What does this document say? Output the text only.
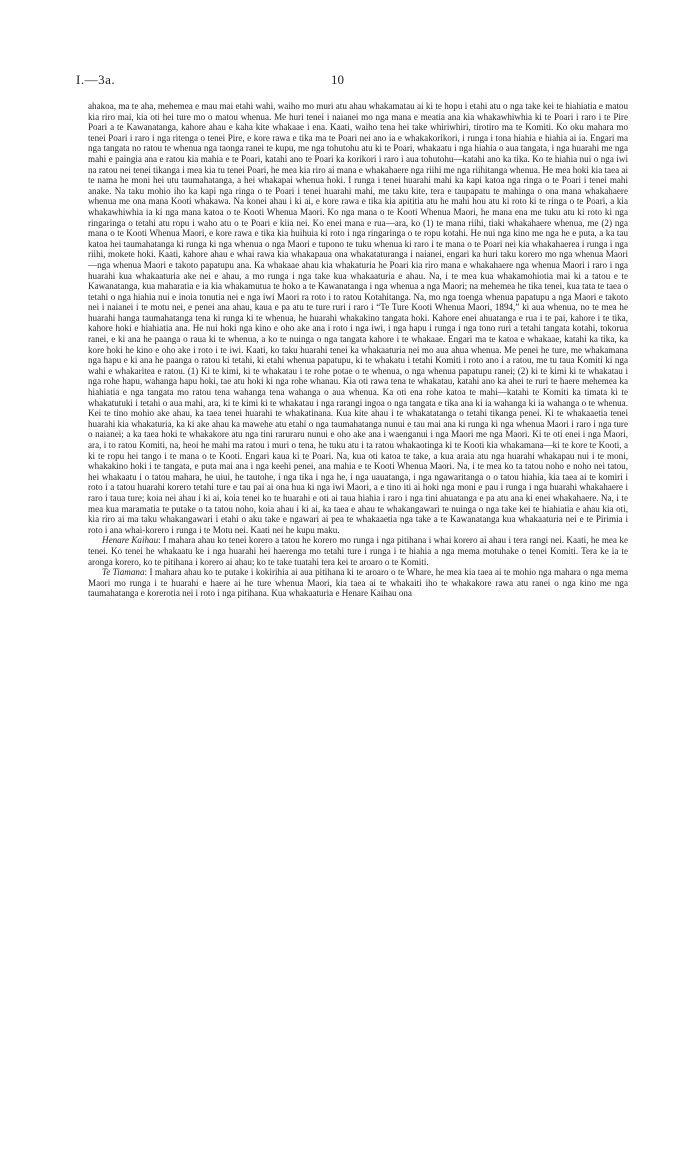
I.—3a.	10

ahakoa, ma te aha, mehemea e mau mai etahi wahi, waiho mo muri atu ahau whakamatau ai ki te hopu i etahi atu o nga take kei te hiahiatia e matou kia riro mai, kia oti hei ture mo o matou whenua. Me huri tenei i naianei mo nga mana e meatia ana kia whakawhiwhia ki te Poari i raro i te Pire Poari a te Kawanatanga, kahore ahau e kaha kite whakaae i ena. Kaati, waiho tena hei take whiriwhiri, tirotiro ma te Komiti. Ko oku mahara mo tenei Poari i raro i nga ritenga o tenei Pire, e kore rawa e tika ma te Poari nei ano ia e whakakorikori, i runga i tona hiahia e hiahia ai ia. Engari ma nga tangata no ratou te whenua nga taonga ranei te kupu, me nga tohutohu atu ki te Poari, whakaatu i nga hiahia o aua tangata, i nga huarahi me nga mahi e paingia ana e ratou kia mahia e te Poari, katahi ano te Poari ka korikori i raro i aua tohutohu—katahi ano ka tika. Ko te hiahia nui o nga iwi na ratou nei tenei tikanga i mea kia tu tenei Poari, he mea kia riro ai mana e whakahaere nga riihi me nga riihitanga whenua. He mea hoki kia taea ai te nama he moni hei utu taumahatanga, a hei whakapai whenua hoki. I runga i tenei huarahi mahi ka kapi katoa nga ringa o te Poari i tenei mahi anake. Na taku mohio iho ka kapi nga ringa o te Poari i tenei huarahi mahi, me taku kite, tera e taupapatu te mahinga o ona mana whakahaere whenua me ona mana Kooti whakawa. Na konei ahau i ki ai, e kore rawa e tika kia apititia atu he mahi hou atu ki roto ki te ringa o te Poari, a kia whakawhiwhia ia ki nga mana katoa o te Kooti Whenua Maori. Ko nga mana o te Kooti Whenua Maori, he mana ena me tuku atu ki roto ki nga ringaringa o tetahi atu ropu i waho atu o te Poari e kiia nei. Ko enei mana e rua—ara, ko (1) te mana riihi, tiaki whakahaere whenua, me (2) nga mana o te Kooti Whenua Maori, e kore rawa e tika kia huihuia ki roto i nga ringaringa o te ropu kotahi. He nui nga kino me nga he e puta, a ka tau katoa hei taumahatanga ki runga ki nga whenua o nga Maori e tupono te tuku whenua ki raro i te mana o te Poari nei kia whakahaerea i runga i nga riihi, mokete hoki. Kaati, kahore ahau e whai rawa kia whakapaua ona whakataturanga i naianei, engari ka huri taku korero mo nga whenua Maori—nga whenua Maori e takoto papatupu ana. Ka whakaae ahau kia whakaturia he Poari kia riro mana e whakahaere nga whenua Maori i raro i nga huarahi kua whakaaturia ake nei e ahau, a mo runga i nga take kua whakaaturia e ahau. Na, i te mea kua whakamohiotia mai ki a tatou e te Kawanatanga, kua maharatia e ia kia whakamutua te hoko a te Kawanatanga i nga whenua a nga Maori; na mehemea he tika tenei, kua tata te taea o tetahi o nga hiahia nui e inoia tonutia nei e nga iwi Maori ra roto i to ratou Kotahitanga. Na, mo nga toenga whenua papatupu a nga Maori e takoto nei i naianei i te motu nei, e penei ana ahau, kaua e pa atu te ture ruri i raro i “Te Ture Kooti Whenua Maori, 1894,” ki aua whenua, no te mea he huarahi hanga taumahatanga tena ki runga ki te whenua, he huarahi whakakino tangata hoki. Kahore enei ahuatanga e rua i te pai, kahore i te tika, kahore hoki e hiahiatia ana. He nui hoki nga kino e oho ake ana i roto i nga iwi, i nga hapu i runga i nga tono ruri a tetahi tangata kotahi, tokorua ranei, e ki ana he paanga o raua ki te whenua, a ko te nuinga o nga tangata kahore i te whakaae. Engari ma te katoa e whakaae, katahi ka tika, ka kore hoki he kino e oho ake i roto i te iwi. Kaati, ko taku huarahi tenei ka whakaaturia nei mo aua ahua whenua. Me penei he ture, me whakamana nga hapu e ki ana he paanga o ratou ki tetahi, ki etahi whenua papatupu, ki te whakatu i tetahi Komiti i roto ano i a ratou, me tu taua Komiti ki nga wahi e whakaritea e ratou. (1) Ki te kimi, ki te whakatau i te rohe potae o te whenua, o nga whenua papatupu ranei; (2) ki te kimi ki te whakatau i nga rohe hapu, wahanga hapu hoki, tae atu hoki ki nga rohe whanau. Kia oti rawa tena te whakatau, katahi ano ka ahei te ruri te haere mehemea ka hiahiatia e nga tangata mo ratou tena wahanga tena wahanga o aua whenua. Ka oti ena rohe katoa te mahi—katahi te Komiti ka timata ki te whakatutuki i tetahi o aua mahi, ara, ki te kimi ki te whakatau i nga rarangi ingoa o nga tangata e tika ana ki ia wahanga ki ia wahanga o te whenua. Kei te tino mohio ake ahau, ka taea tenei huarahi te whakatinana. Kua kite ahau i te whakatatanga o tetahi tikanga penei. Ki te whakaaetia tenei huarahi kia whakaturia, ka ki ake ahau ka mawehe atu etahi o nga taumahatanga nunui e tau mai ana ki runga ki nga whenua Maori i raro i nga ture o naianei; a ka taea hoki te whakakore atu nga tini raruraru nunui e oho ake ana i waenganui i nga Maori me nga Maori. Ki te oti enei i nga Maori, ara, i to ratou Komiti, na, heoi he mahi ma ratou i muri o tena, he tuku atu i ta ratou whakaotinga ki te Kooti kia whakamana—ki te kore te Kooti, a ki te ropu hei tango i te mana o te Kooti. Engari kaua ki te Poari. Na, kua oti katoa te take, a kua araia atu nga huarahi whakapau nui i te moni, whakakino hoki i te tangata, e puta mai ana i nga keehi penei, ana mahia e te Kooti Whenua Maori. Na, i te mea ko ta tatou noho e noho nei tatou, hei whakaatu i o tatou mahara, he uiui, he tautohe, i nga tika i nga he, i nga uauatanga, i nga ngawaritanga o o tatou hiahia, kia taea ai te komiri i roto i a tatou huarahi korero tetahi ture e tau pai ai ona hua ki nga iwi Maori, a e tino iti ai hoki nga moni e pau i runga i nga huarahi whakahaere i raro i taua ture; koia nei ahau i ki ai, koia tenei ko te huarahi e oti ai taua hiahia i raro i nga tini ahuatanga e pa atu ana ki enei whakahaere. Na, i te mea kua maramatia te putake o ta tatou noho, koia ahau i ki ai, ka taea e ahau te whakangawari te nuinga o nga take kei te hiahiatia e ahau kia oti, kia riro ai ma taku whakangawari i etahi o aku take e ngawari ai pea te whakaaetia nga take a te Kawanatanga kua whakaaturia nei e te Pirimia i roto i ana whai-korero i runga i te Motu nei. Kaati nei he kupu maku.

Henare Kaihau: I mahara ahau ko tenei korero a tatou he korero mo runga i nga pitihana i whai korero ai ahau i tera rangi nei. Kaati, he mea ke tenei. Ko tenei he whakaatu ke i nga huarahi hei haerenga mo tetahi ture i runga i te hiahia a nga mema motuhake o tenei Komiti. Tera ke ia te aronga korero, ko te pitihana i korero ai ahau; ko te take tuatahi tera kei te aroaro o te Komiti.

Te Tiamana: I mahara ahau ko te putake i kokirihia ai aua pitihana ki te aroaro o te Whare, he mea kia taea ai te mohio nga mahara o nga mema Maori mo runga i te huarahi e haere ai he ture whenua Maori, kia taea ai te whakaiti iho te whakakore rawa atu ranei o nga kino me nga taumahatanga e korerotia nei i roto i nga pitihana. Kua whakaaturia e Henare Kaihau ona
